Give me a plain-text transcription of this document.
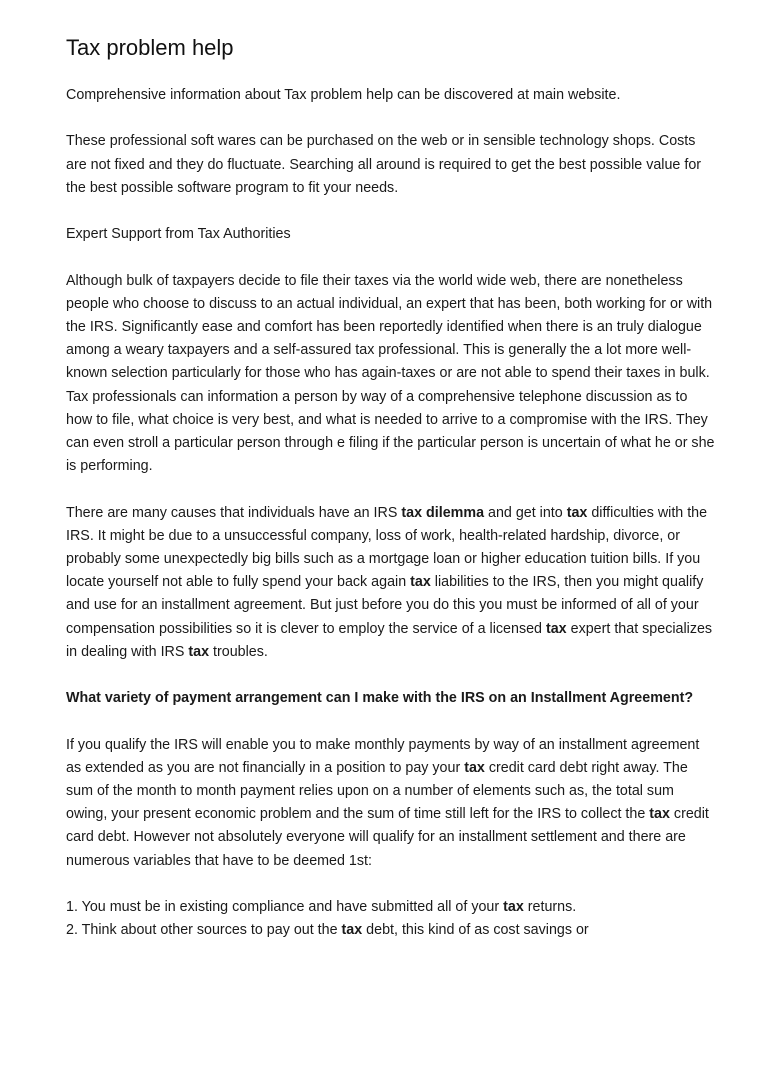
Tax problem help

Comprehensive information about Tax problem help can be discovered at main website.

These professional soft wares can be purchased on the web or in sensible technology shops. Costs are not fixed and they do fluctuate. Searching all around is required to get the best possible value for the best possible software program to fit your needs.

Expert Support from Tax Authorities

Although bulk of taxpayers decide to file their taxes via the world wide web, there are nonetheless people who choose to discuss to an actual individual, an expert that has been, both working for or with the IRS. Significantly ease and comfort has been reportedly identified when there is an truly dialogue among a weary taxpayers and a self-assured tax professional. This is generally the a lot more well-known selection particularly for those who has again-taxes or are not able to spend their taxes in bulk. Tax professionals can information a person by way of a comprehensive telephone discussion as to how to file, what choice is very best, and what is needed to arrive to a compromise with the IRS. They can even stroll a particular person through e filing if the particular person is uncertain of what he or she is performing.

There are many causes that individuals have an IRS tax dilemma and get into tax difficulties with the IRS. It might be due to a unsuccessful company, loss of work, health-related hardship, divorce, or probably some unexpectedly big bills such as a mortgage loan or higher education tuition bills. If you locate yourself not able to fully spend your back again tax liabilities to the IRS, then you might qualify and use for an installment agreement. But just before you do this you must be informed of all of your compensation possibilities so it is clever to employ the service of a licensed tax expert that specializes in dealing with IRS tax troubles.

What variety of payment arrangement can I make with the IRS on an Installment Agreement?

If you qualify the IRS will enable you to make monthly payments by way of an installment agreement as extended as you are not financially in a position to pay your tax credit card debt right away. The sum of the month to month payment relies upon on a number of elements such as, the total sum owing, your present economic problem and the sum of time still left for the IRS to collect the tax credit card debt. However not absolutely everyone will qualify for an installment settlement and there are numerous variables that have to be deemed 1st:

1. You must be in existing compliance and have submitted all of your tax returns.

2. Think about other sources to pay out the tax debt, this kind of as cost savings or
